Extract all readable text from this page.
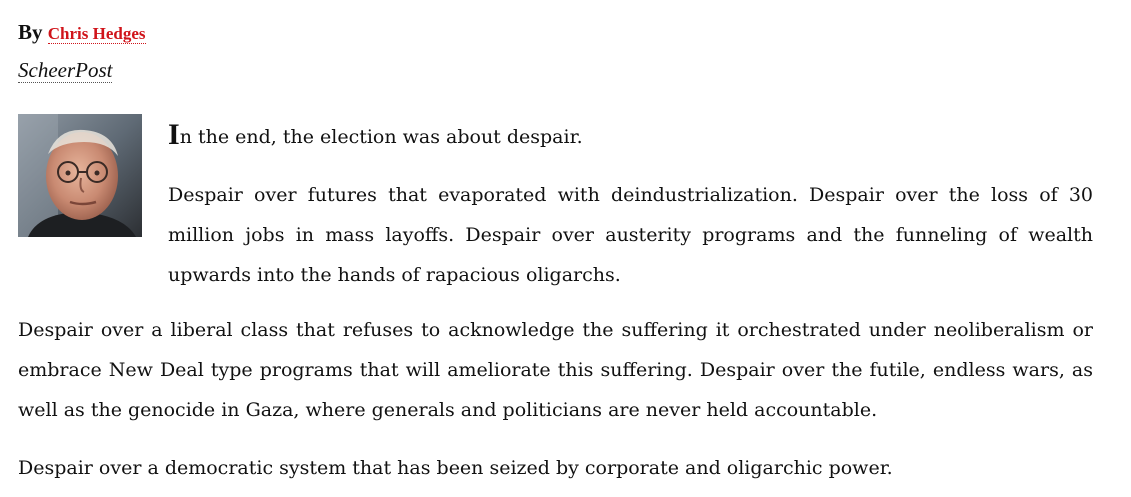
By Chris Hedges
ScheerPost

In the end, the election was about despair.

Despair over futures that evaporated with deindustrialization. Despair over the loss of 30 million jobs in mass layoffs. Despair over austerity programs and the funneling of wealth upwards into the hands of rapacious oligarchs.

Despair over a liberal class that refuses to acknowledge the suffering it orchestrated under neoliberalism or embrace New Deal type programs that will ameliorate this suffering. Despair over the futile, endless wars, as well as the genocide in Gaza, where generals and politicians are never held accountable.

Despair over a democratic system that has been seized by corporate and oligarchic power.
